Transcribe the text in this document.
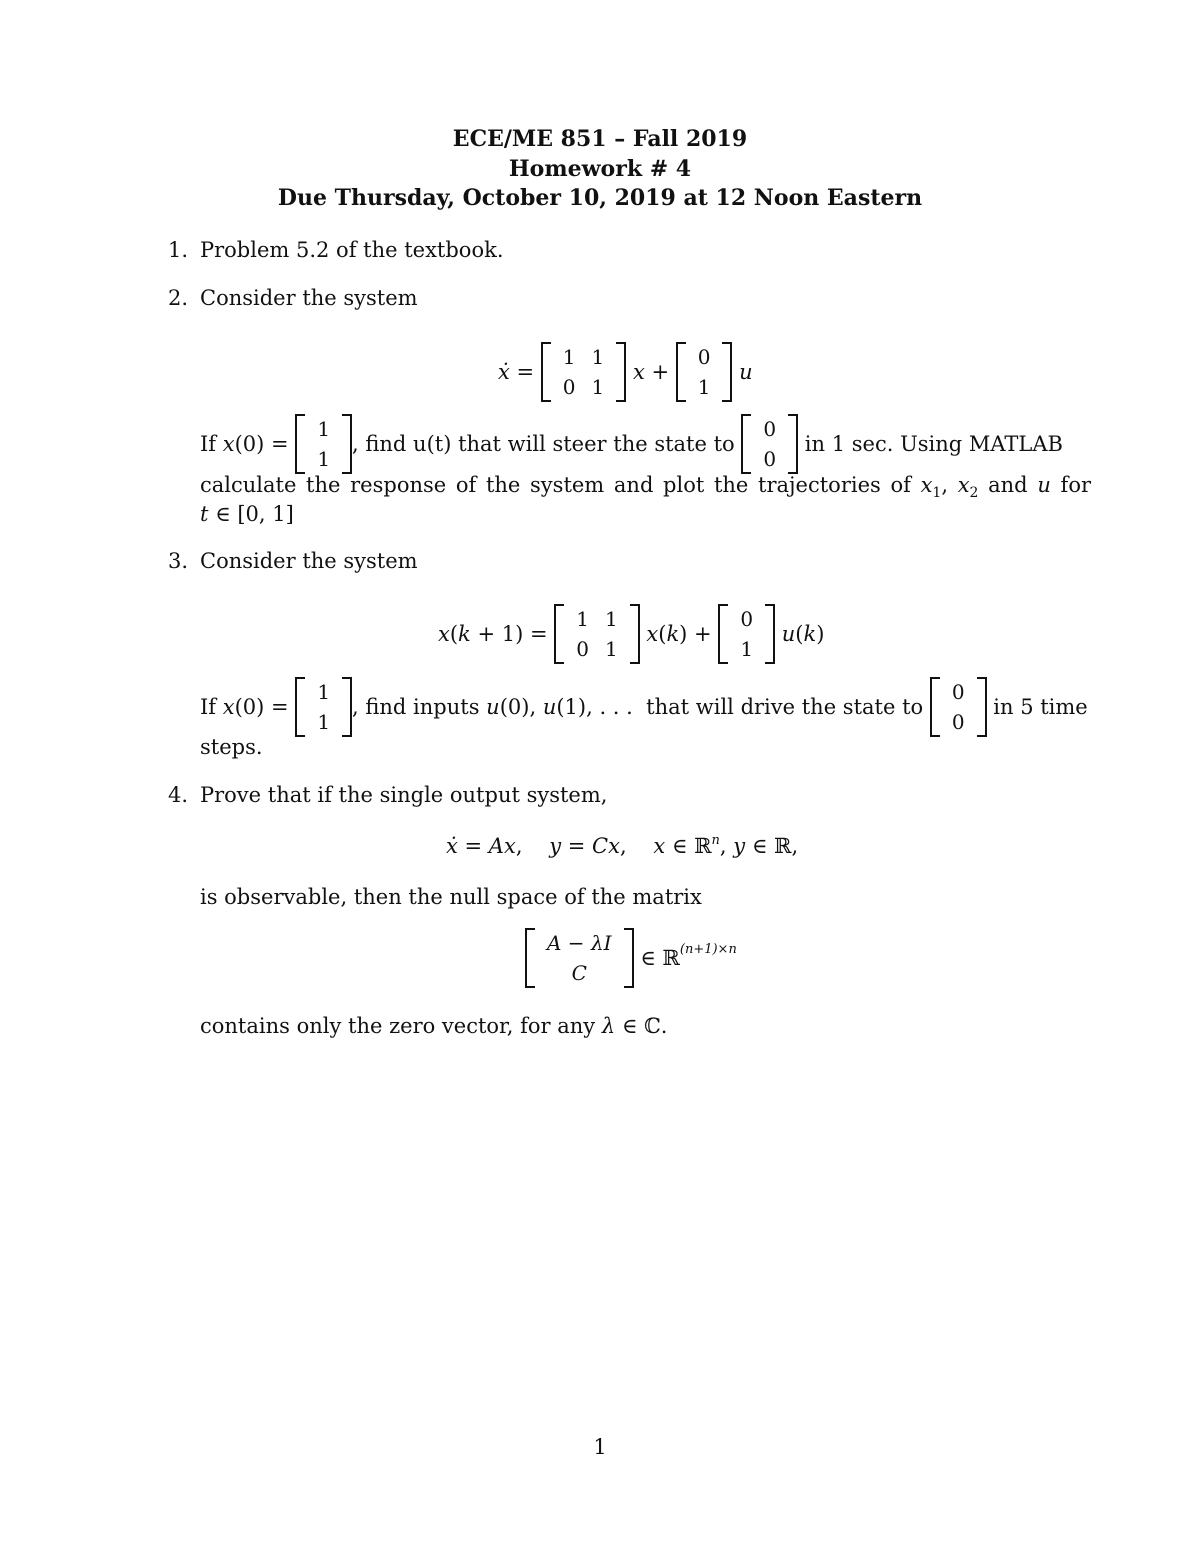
ECE/ME 851 – Fall 2019
Homework # 4
Due Thursday, October 10, 2019 at 12 Noon Eastern
1. Problem 5.2 of the textbook.
2. Consider the system
ẋ =
1	1
0	1

x +
0
1

u
If
x (0) =
1
1
, find u(t) that will steer the state to

0
0

in 1 sec. Using MATLAB
calculate the response of the system and plot the trajectories of $x_1$, $x_2$ and u for
t ∈ [0, 1]
3. Consider the system
x ( k + 1) =
1	1
0	1

x ( k ) +
0
1

u ( k )
If
x (0) =
1
1
, find inputs
u (0), u (1), . . . that will drive the state to

0
0

in 5 time
steps.
4. Prove that if the single output system,
ẋ = Ax,    y = Cx,    x ∈ ℝ$^n$, y ∈ ℝ,
is observable, then the null space of the matrix
A − λI
C
∈ ℝ (n+1)×n
contains only the zero vector, for any λ ∈ ℂ.
1
